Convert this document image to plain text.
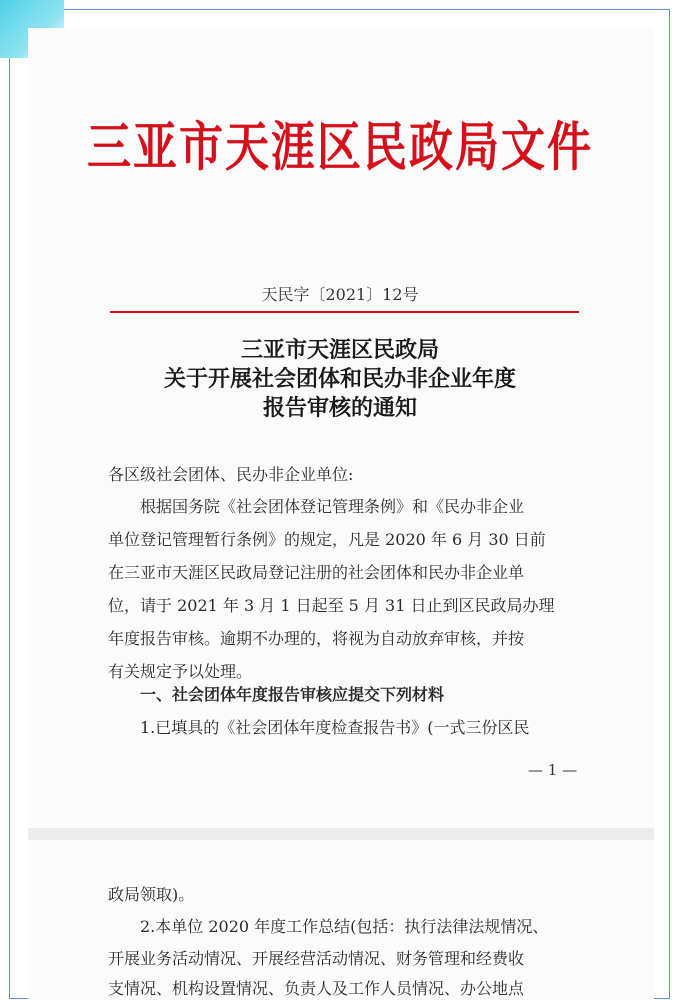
三亚市天涯区民政局文件
天民字〔2021〕12号
三亚市天涯区民政局
关于开展社会团体和民办非企业年度
报告审核的通知
各区级社会团体、民办非企业单位:
根据国务院《社会团体登记管理条例》和《民办非企业
单位登记管理暂行条例》的规定，凡是 2020 年 6 月 30 日前
在三亚市天涯区民政局登记注册的社会团体和民办非企业单
位，请于 2021 年 3 月 1 日起至 5 月 31 日止到区民政局办理
年度报告审核。逾期不办理的，将视为自动放弃审核，并按
有关规定予以处理。
一、社会团体年度报告审核应提交下列材料
1.已填具的《社会团体年度检查报告书》(一式三份区民
— 1 —
政局领取)。
2.本单位 2020 年度工作总结(包括：执行法律法规情况、
开展业务活动情况、开展经营活动情况、财务管理和经费收
支情况、机构设置情况、负责人及工作人员情况、办公地点
